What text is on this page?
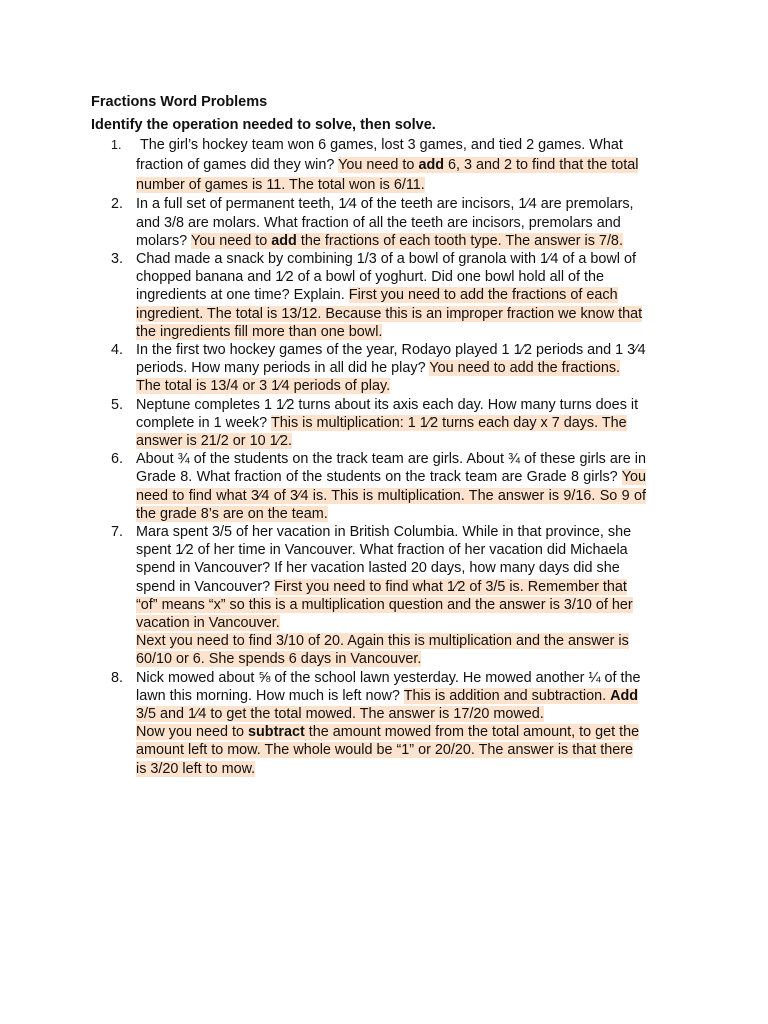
Fractions Word Problems
Identify the operation needed to solve, then solve.
1.	The girl’s hockey team won 6 games, lost 3 games, and tied 2 games. What fraction of games did they win? You need to add 6, 3 and 2 to find that the total number of games is 11. The total won is 6/11.
2. In a full set of permanent teeth, 1⁄4 of the teeth are incisors, 1⁄4 are premolars, and 3/8 are molars. What fraction of all the teeth are incisors, premolars and molars? You need to add the fractions of each tooth type. The answer is 7/8.
3. Chad made a snack by combining 1/3 of a bowl of granola with 1⁄4 of a bowl of chopped banana and 1⁄2 of a bowl of yoghurt. Did one bowl hold all of the ingredients at one time? Explain. First you need to add the fractions of each ingredient. The total is 13/12. Because this is an improper fraction we know that the ingredients fill more than one bowl.
4. In the first two hockey games of the year, Rodayo played 1 1⁄2 periods and 1 3⁄4 periods. How many periods in all did he play? You need to add the fractions. The total is 13/4 or 3 1⁄4 periods of play.
5. Neptune completes 1 1⁄2 turns about its axis each day. How many turns does it complete in 1 week? This is multiplication: 1 1⁄2 turns each day x 7 days. The answer is 21/2 or 10 1⁄2.
6. About ¾ of the students on the track team are girls. About ¾ of these girls are in Grade 8. What fraction of the students on the track team are Grade 8 girls? You need to find what 3⁄4 of 3⁄4 is. This is multiplication. The answer is 9/16. So 9 of the grade 8’s are on the team.
7. Mara spent 3/5 of her vacation in British Columbia. While in that province, she spent 1⁄2 of her time in Vancouver. What fraction of her vacation did Michaela spend in Vancouver? If her vacation lasted 20 days, how many days did she spend in Vancouver? First you need to find what 1⁄2 of 3/5 is. Remember that “of” means “x” so this is a multiplication question and the answer is 3/10 of her vacation in Vancouver.
Next you need to find 3/10 of 20. Again this is multiplication and the answer is 60/10 or 6. She spends 6 days in Vancouver.
8. Nick mowed about ⅝ of the school lawn yesterday. He mowed another ¼ of the lawn this morning. How much is left now? This is addition and subtraction. Add 3/5 and 1⁄4 to get the total mowed. The answer is 17/20 mowed.
Now you need to subtract the amount mowed from the total amount, to get the amount left to mow. The whole would be “1” or 20/20. The answer is that there is 3/20 left to mow.
